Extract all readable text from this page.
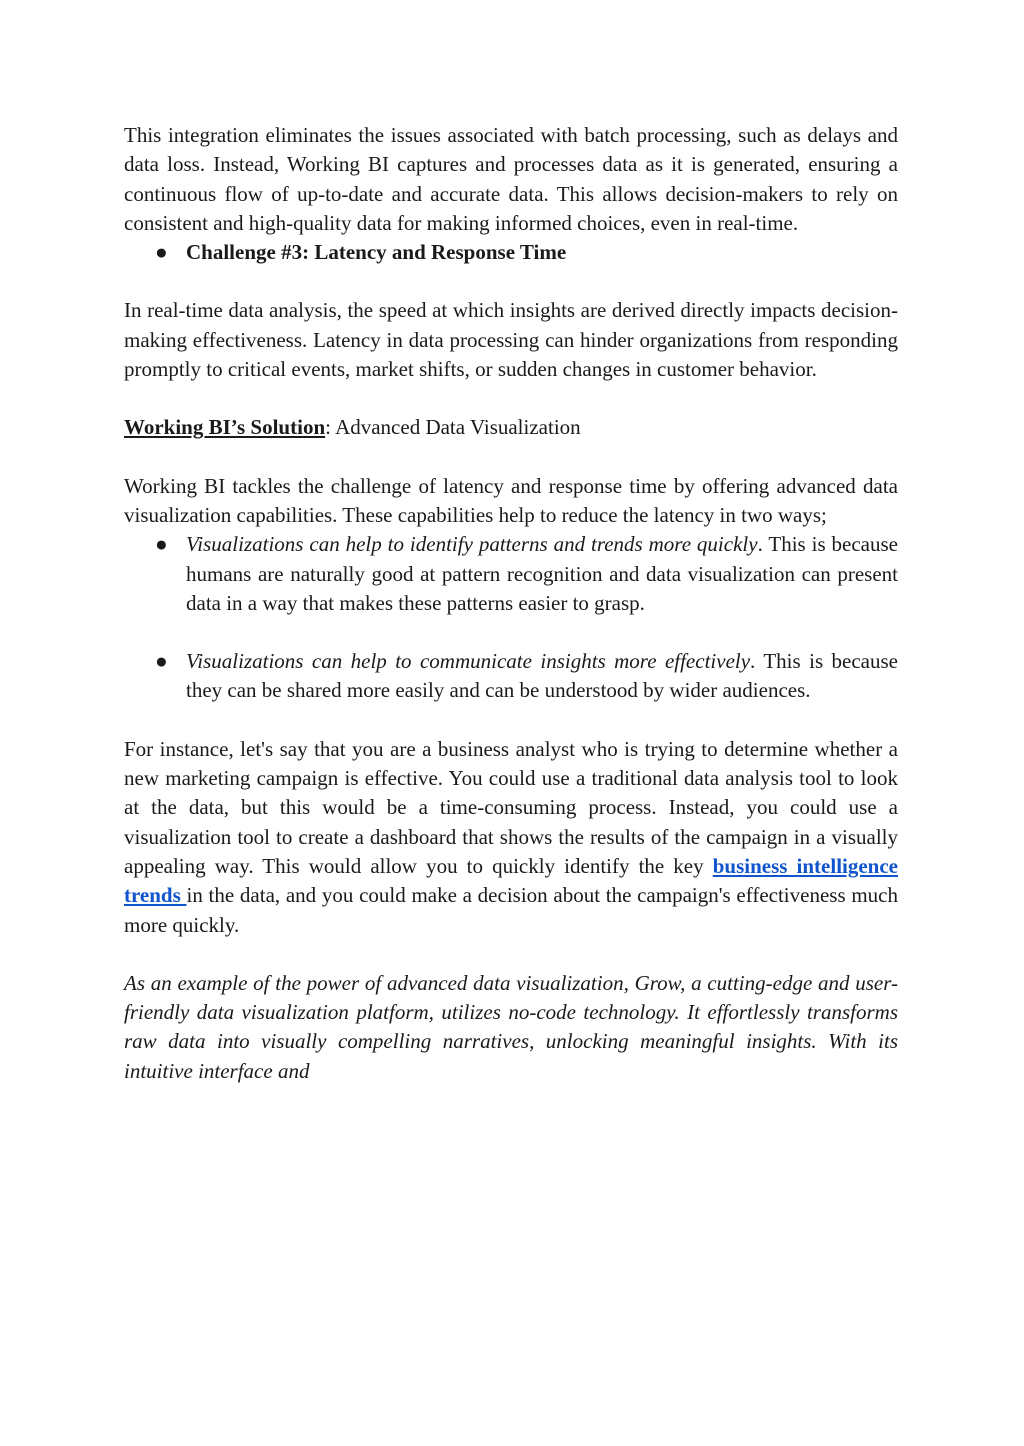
This integration eliminates the issues associated with batch processing, such as delays and data loss. Instead, Working BI captures and processes data as it is generated, ensuring a continuous flow of up-to-date and accurate data. This allows decision-makers to rely on consistent and high-quality data for making informed choices, even in real-time.

● Challenge #3: Latency and Response Time

In real-time data analysis, the speed at which insights are derived directly impacts decision-making effectiveness. Latency in data processing can hinder organizations from responding promptly to critical events, market shifts, or sudden changes in customer behavior.

Working BI’s Solution: Advanced Data Visualization

Working BI tackles the challenge of latency and response time by offering advanced data visualization capabilities. These capabilities help to reduce the latency in two ways;

● Visualizations can help to identify patterns and trends more quickly. This is because humans are naturally good at pattern recognition and data visualization can present data in a way that makes these patterns easier to grasp.
● Visualizations can help to communicate insights more effectively. This is because they can be shared more easily and can be understood by wider audiences.

For instance, let's say that you are a business analyst who is trying to determine whether a new marketing campaign is effective. You could use a traditional data analysis tool to look at the data, but this would be a time-consuming process. Instead, you could use a visualization tool to create a dashboard that shows the results of the campaign in a visually appealing way. This would allow you to quickly identify the key business intelligence trends in the data, and you could make a decision about the campaign's effectiveness much more quickly.

As an example of the power of advanced data visualization, Grow, a cutting-edge and user-friendly data visualization platform, utilizes no-code technology. It effortlessly transforms raw data into visually compelling narratives, unlocking meaningful insights. With its intuitive interface and
